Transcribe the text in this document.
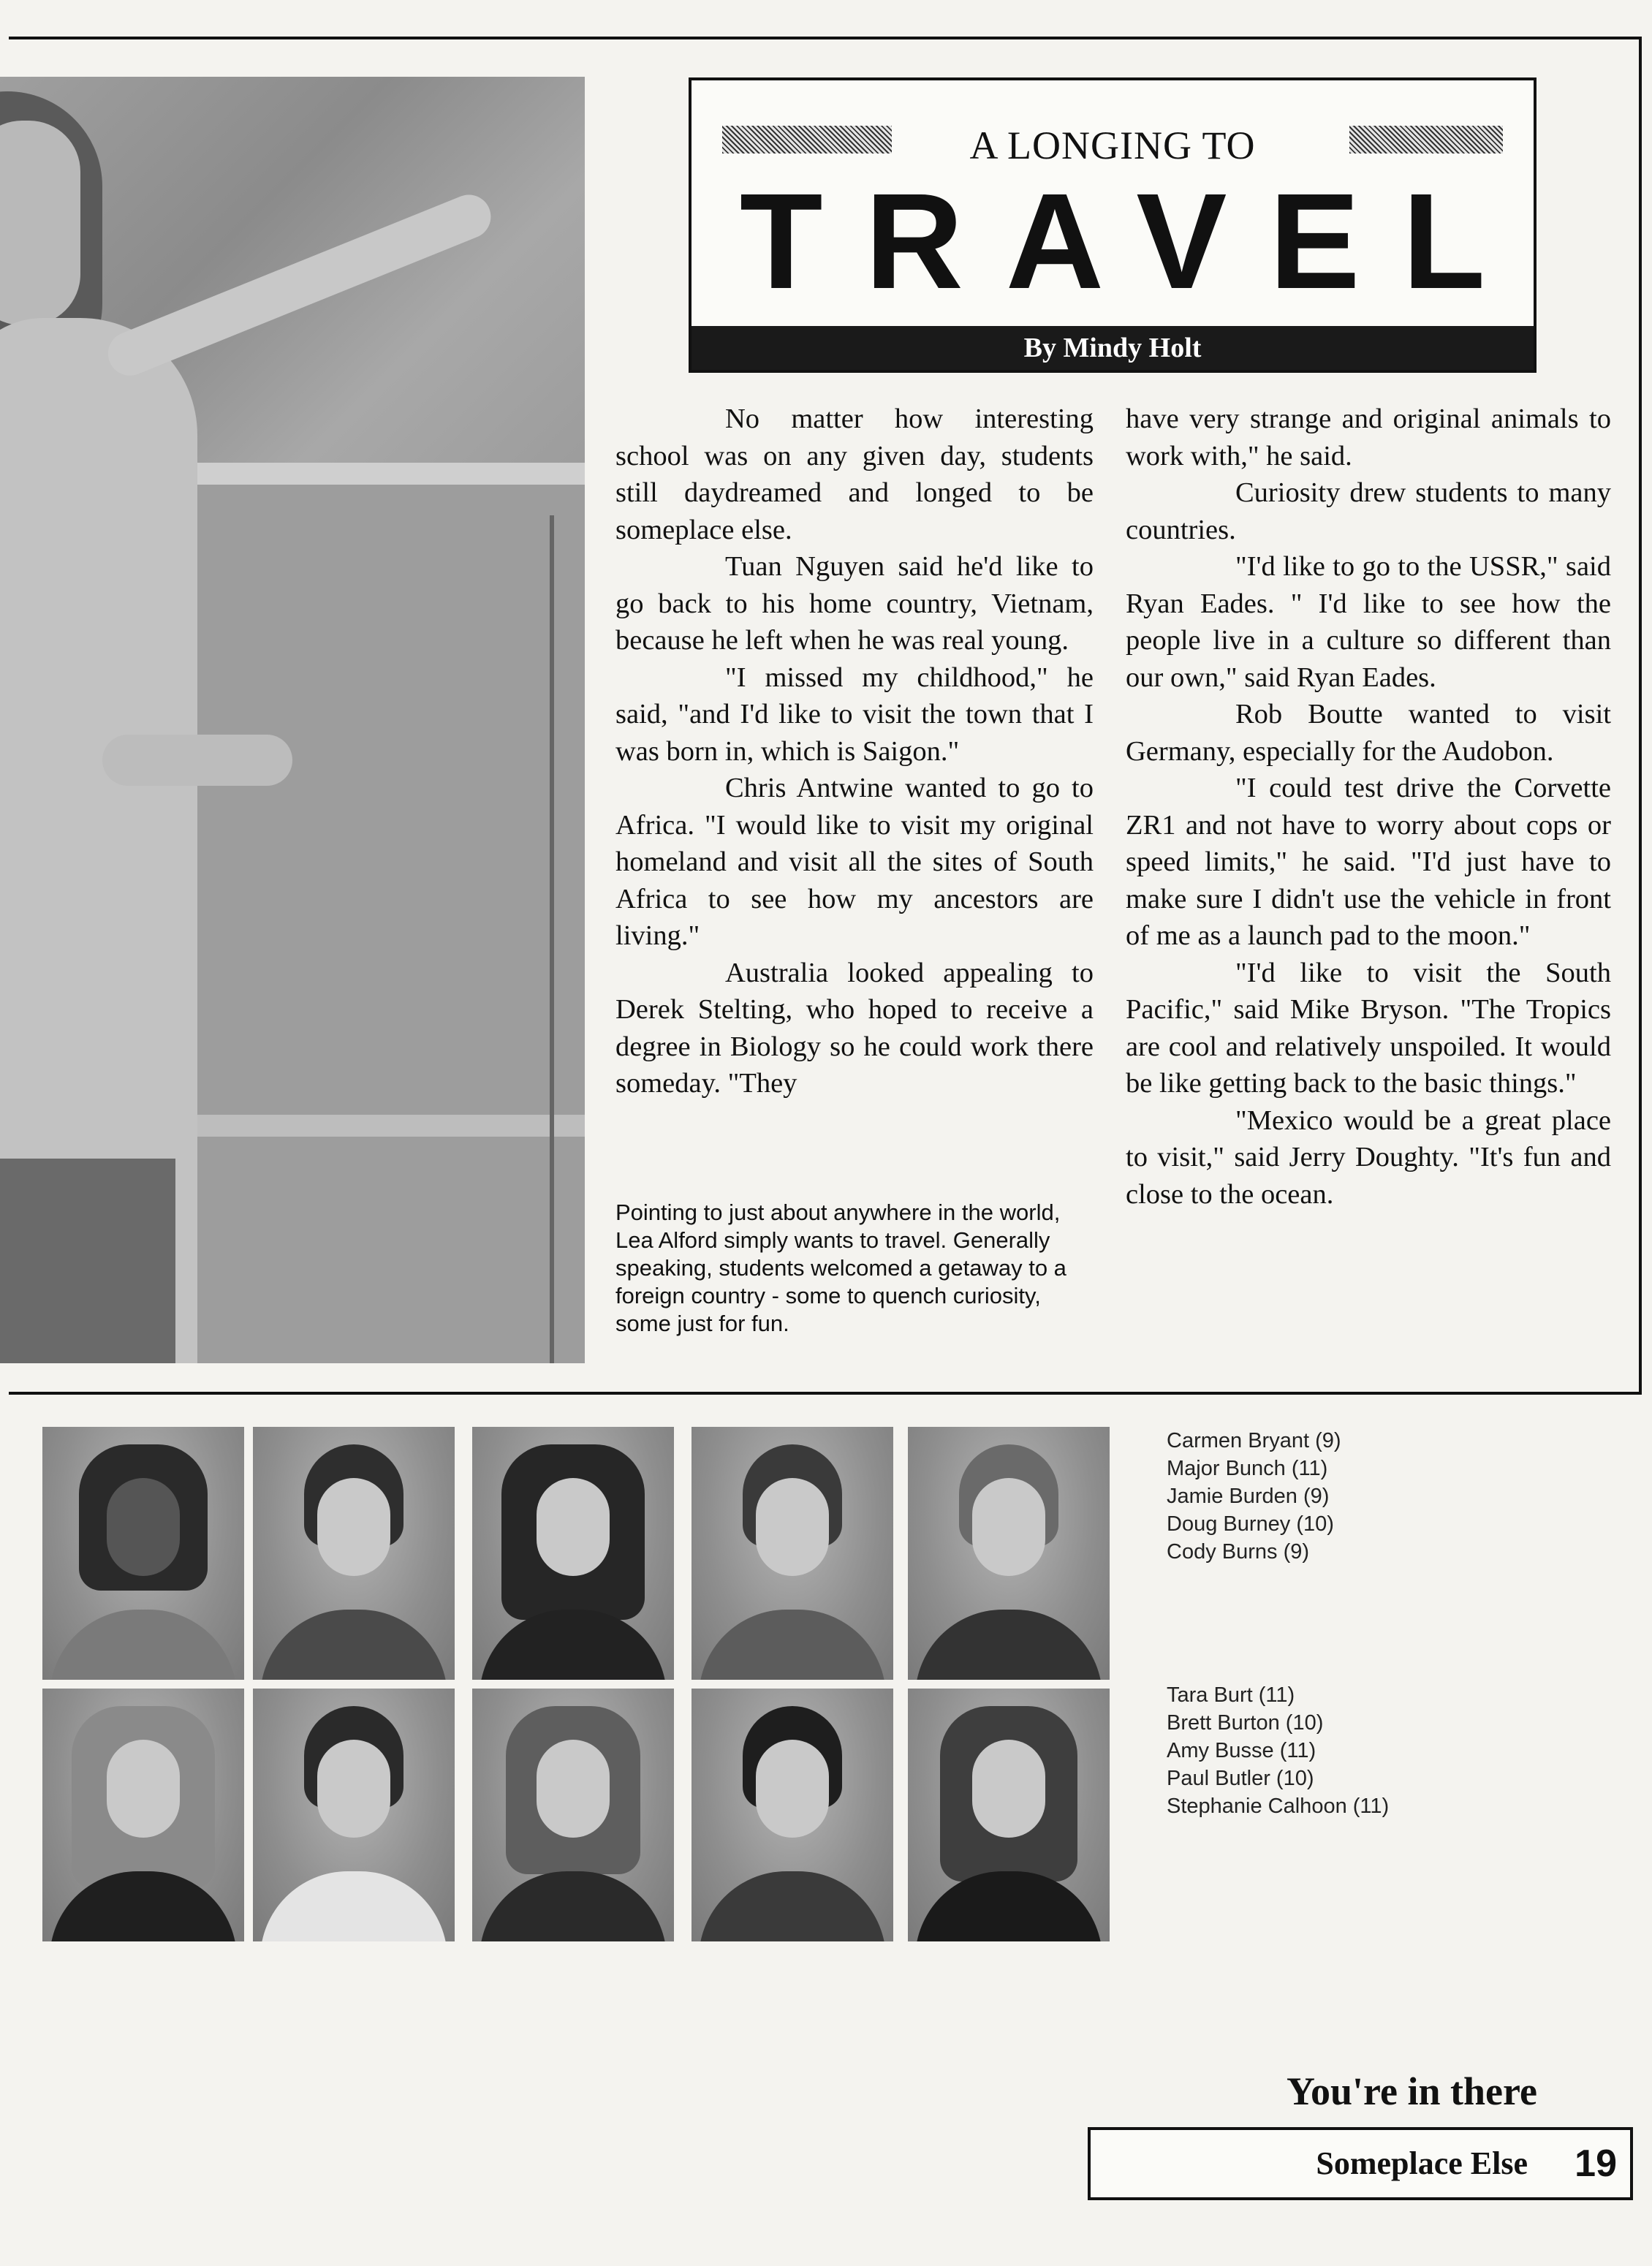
A LONGING TO
TRAVEL
By Mindy Holt

No matter how interesting school was on any given day, students still daydreamed and longed to be someplace else.

Tuan Nguyen said he'd like to go back to his home country, Vietnam, because he left when he was real young.

"I missed my childhood," he said, "and I'd like to visit the town that I was born in, which is Saigon."

Chris Antwine wanted to go to Africa. "I would like to visit my original homeland and visit all the sites of South Africa to see how my ancestors are living."

Australia looked appealing to Derek Stelting, who hoped to receive a degree in Biology so he could work there someday. "They

Pointing to just about anywhere in the world, Lea Alford simply wants to travel. Generally speaking, students welcomed a getaway to a foreign country - some to quench curiosity, some just for fun.

have very strange and original animals to work with," he said.

Curiosity drew students to many countries.

"I'd like to go to the USSR," said Ryan Eades. " I'd like to see how the people live in a culture so different than our own," said Ryan Eades.

Rob Boutte wanted to visit Germany, especially for the Audobon.

"I could test drive the Corvette ZR1 and not have to worry about cops or speed limits," he said. "I'd just have to make sure I didn't use the vehicle in front of me as a launch pad to the moon."

"I'd like to visit the South Pacific," said Mike Bryson. "The Tropics are cool and relatively unspoiled. It would be like getting back to the basic things."

"Mexico would be a great place to visit," said Jerry Doughty. "It's fun and close to the ocean.

Carmen Bryant (9)
Major Bunch (11)
Jamie Burden (9)
Doug Burney (10)
Cody Burns (9)
Tara Burt (11)
Brett Burton (10)
Amy Busse (11)
Paul Butler (10)
Stephanie Calhoon (11)
You're in there
Someplace Else 19
